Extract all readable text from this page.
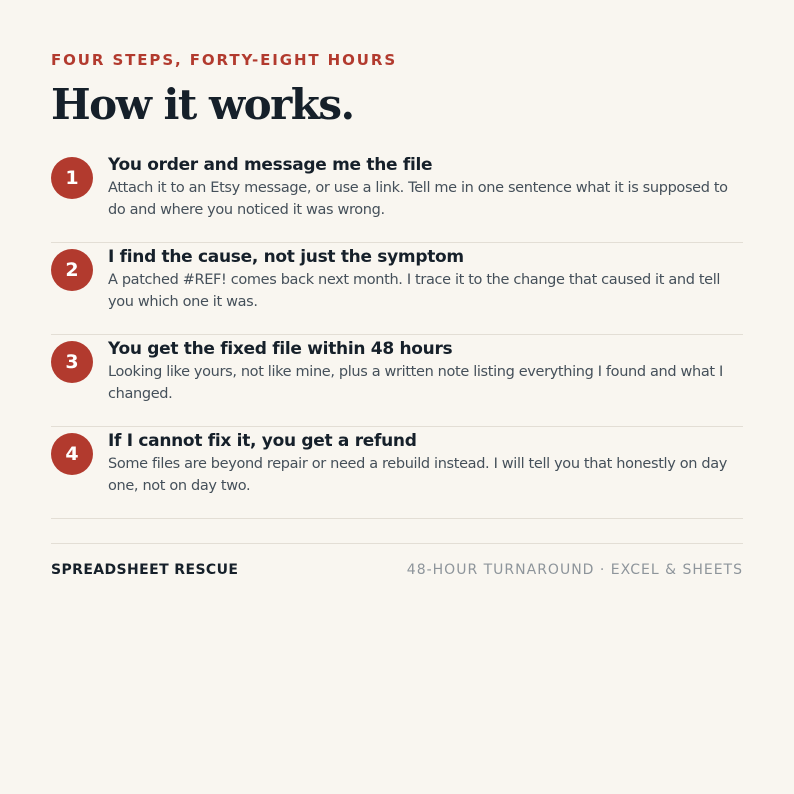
FOUR STEPS, FORTY-EIGHT HOURS

How it works.
1
You order and message me the file
Attach it to an Etsy message, or use a link. Tell me in one sentence what it is supposed to do and where you noticed it was wrong.
2
I find the cause, not just the symptom
A patched #REF! comes back next month. I trace it to the change that caused it and tell you which one it was.
3
You get the fixed file within 48 hours
Looking like yours, not like mine, plus a written note listing everything I found and what I changed.
4
If I cannot fix it, you get a refund
Some files are beyond repair or need a rebuild instead. I will tell you that honestly on day one, not on day two.
SPREADSHEET RESCUE	48-HOUR TURNAROUND · EXCEL & SHEETS
